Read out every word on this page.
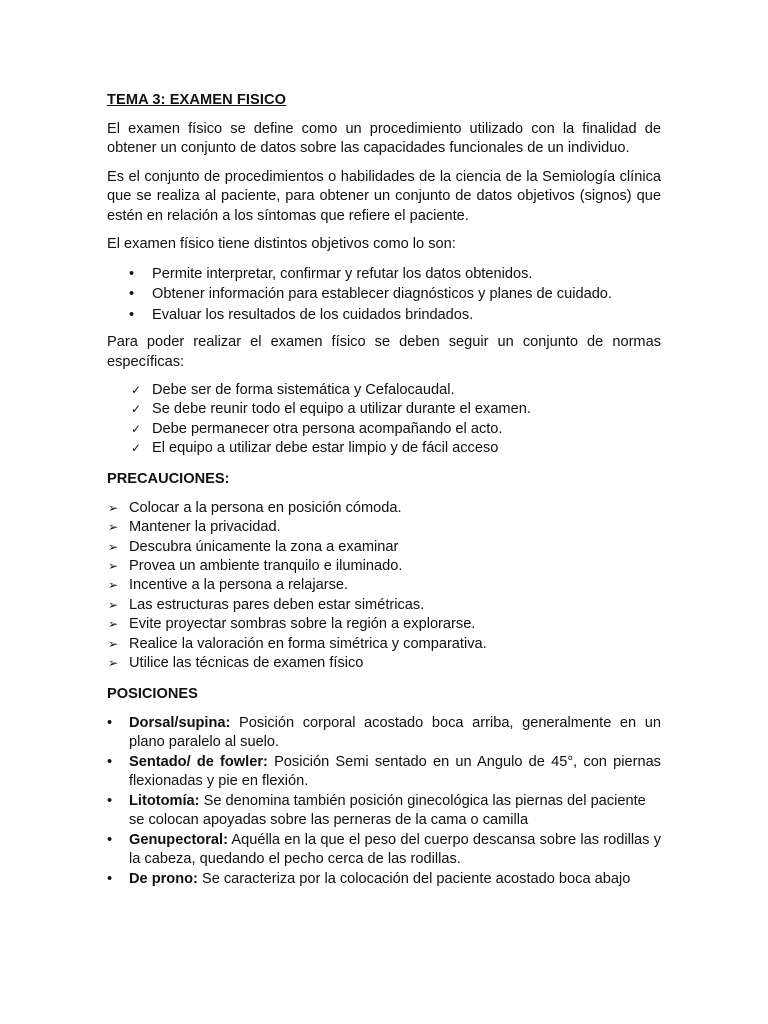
TEMA 3: EXAMEN FISICO

El examen físico se define como un procedimiento utilizado con la finalidad de obtener un conjunto de datos sobre las capacidades funcionales de un individuo.

Es el conjunto de procedimientos o habilidades de la ciencia de la Semiología clínica que se realiza al paciente, para obtener un conjunto de datos objetivos (signos) que estén en relación a los síntomas que refiere el paciente.

El examen físico tiene distintos objetivos como lo son:

• Permite interpretar, confirmar y refutar los datos obtenidos.
• Obtener información para establecer diagnósticos y planes de cuidado.
• Evaluar los resultados de los cuidados brindados.

Para poder realizar el examen físico se deben seguir un conjunto de normas específicas:

✓ Debe ser de forma sistemática y Cefalocaudal.
✓ Se debe reunir todo el equipo a utilizar durante el examen.
✓ Debe permanecer otra persona acompañando el acto.
✓ El equipo a utilizar debe estar limpio y de fácil acceso
PRECAUCIONES:
➢ Colocar a la persona en posición cómoda.
➢ Mantener la privacidad.
➢ Descubra únicamente la zona a examinar
➢ Provea un ambiente tranquilo e iluminado.
➢ Incentive a la persona a relajarse.
➢ Las estructuras pares deben estar simétricas.
➢ Evite proyectar sombras sobre la región a explorarse.
➢ Realice la valoración en forma simétrica y comparativa.
➢ Utilice las técnicas de examen físico
POSICIONES
• Dorsal/supina: Posición corporal acostado boca arriba, generalmente en un plano paralelo al suelo.
• Sentado/ de fowler: Posición Semi sentado en un Angulo de 45°, con piernas flexionadas y pie en flexión.
• Litotomía: Se denomina también posición ginecológica las piernas del paciente se colocan apoyadas sobre las perneras de la cama o camilla
• Genupectoral: Aquélla en la que el peso del cuerpo descansa sobre las rodillas y la cabeza, quedando el pecho cerca de las rodillas.
• De prono: Se caracteriza por la colocación del paciente acostado boca abajo
